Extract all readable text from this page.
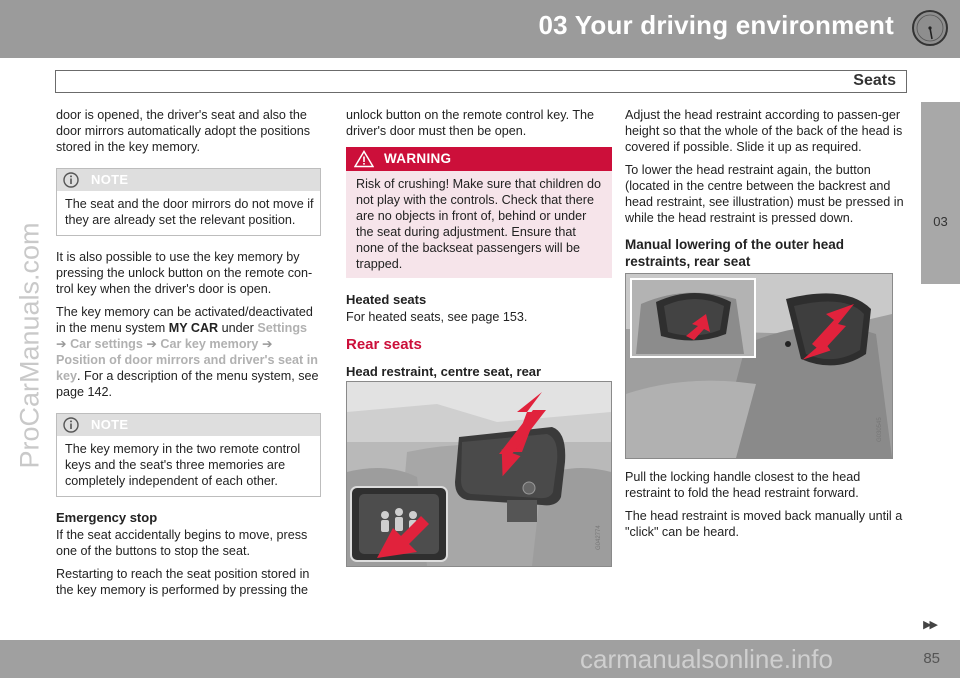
03 Your driving environment
Seats
03
ProCarManuals.com

door is opened, the driver's seat and also the door mirrors automatically adopt the positions stored in the key memory.

NOTE
The seat and the door mirrors do not move if they are already set the relevant position.

It is also possible to use the key memory by pressing the unlock button on the remote con-trol key when the driver's door is open.

The key memory can be activated/deactivated in the menu system MY CAR under Settings ➔ Car settings ➔ Car key memory ➔ Position of door mirrors and driver's seat in key. For a description of the menu system, see page 142.

NOTE
The key memory in the two remote control keys and the seat's three memories are completely independent of each other.
Emergency stop

If the seat accidentally begins to move, press one of the buttons to stop the seat.

Restarting to reach the seat position stored in the key memory is performed by pressing the

unlock button on the remote control key. The driver's door must then be open.

WARNING
Risk of crushing! Make sure that children do not play with the controls. Check that there are no objects in front of, behind or under the seat during adjustment. Ensure that none of the backseat passengers will be trapped.
Heated seats

For heated seats, see page 153.

Rear seats
Head restraint, centre seat, rear
G042774

Adjust the head restraint according to passen-ger height so that the whole of the back of the head is covered if possible. Slide it up as required.

To lower the head restraint again, the button (located in the centre between the backrest and head restraint, see illustration) must be pressed in while the head restraint is pressed down.

Manual lowering of the outer head restraints, rear seat
G030545

Pull the locking handle closest to the head restraint to fold the head restraint forward.

The head restraint is moved back manually until a "click" can be heard.

▶▶
carmanualsonline.info	85
